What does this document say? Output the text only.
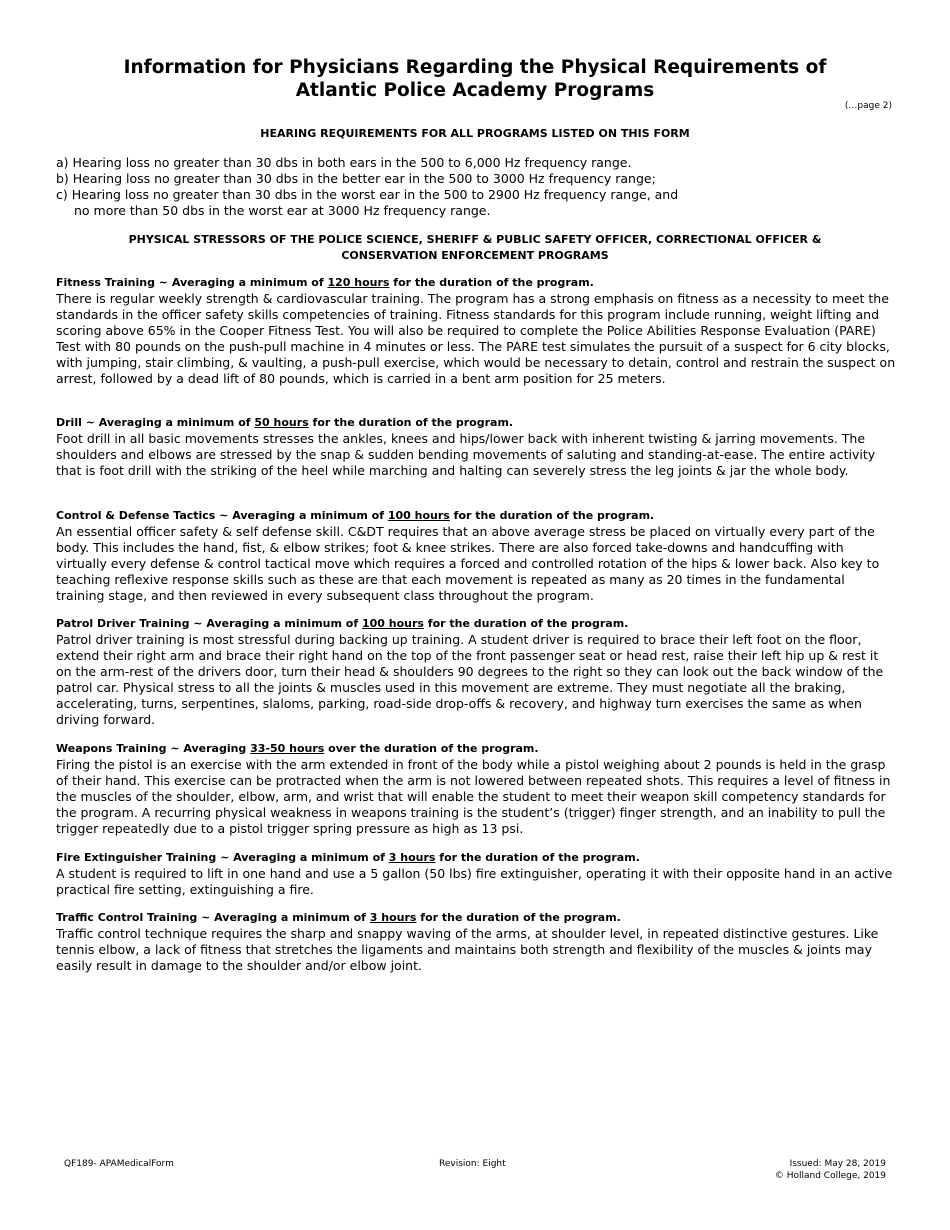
Information for Physicians Regarding the Physical Requirements of
Atlantic Police Academy Programs
(…page 2)
HEARING REQUIREMENTS FOR ALL PROGRAMS LISTED ON THIS FORM
a) Hearing loss no greater than 30 dbs in both ears in the 500 to 6,000 Hz frequency range.
b) Hearing loss no greater than 30 dbs in the better ear in the 500 to 3000 Hz frequency range;
c) Hearing loss no greater than 30 dbs in the worst ear in the 500 to 2900 Hz frequency range, and
no more than 50 dbs in the worst ear at 3000 Hz frequency range.
PHYSICAL STRESSORS OF THE POLICE SCIENCE, SHERIFF & PUBLIC SAFETY OFFICER, CORRECTIONAL OFFICER &
CONSERVATION ENFORCEMENT PROGRAMS
Fitness Training ~ Averaging a minimum of 120 hours for the duration of the program.
There is regular weekly strength & cardiovascular training. The program has a strong emphasis on fitness as a necessity to meet the standards in the officer safety skills competencies of training. Fitness standards for this program include running, weight lifting and scoring above 65% in the Cooper Fitness Test. You will also be required to complete the Police Abilities Response Evaluation (PARE) Test with 80 pounds on the push-pull machine in 4 minutes or less. The PARE test simulates the pursuit of a suspect for 6 city blocks, with jumping, stair climbing, & vaulting, a push-pull exercise, which would be necessary to detain, control and restrain the suspect on arrest, followed by a dead lift of 80 pounds, which is carried in a bent arm position for 25 meters.
Drill ~ Averaging a minimum of 50 hours for the duration of the program.
Foot drill in all basic movements stresses the ankles, knees and hips/lower back with inherent twisting & jarring movements. The shoulders and elbows are stressed by the snap & sudden bending movements of saluting and standing-at-ease. The entire activity that is foot drill with the striking of the heel while marching and halting can severely stress the leg joints & jar the whole body.
Control & Defense Tactics ~ Averaging a minimum of 100 hours for the duration of the program.
An essential officer safety & self defense skill. C&DT requires that an above average stress be placed on virtually every part of the body. This includes the hand, fist, & elbow strikes; foot & knee strikes. There are also forced take-downs and handcuffing with virtually every defense & control tactical move which requires a forced and controlled rotation of the hips & lower back. Also key to teaching reflexive response skills such as these are that each movement is repeated as many as 20 times in the fundamental training stage, and then reviewed in every subsequent class throughout the program.
Patrol Driver Training ~ Averaging a minimum of 100 hours for the duration of the program.
Patrol driver training is most stressful during backing up training. A student driver is required to brace their left foot on the floor, extend their right arm and brace their right hand on the top of the front passenger seat or head rest, raise their left hip up & rest it on the arm-rest of the drivers door, turn their head & shoulders 90 degrees to the right so they can look out the back window of the patrol car. Physical stress to all the joints & muscles used in this movement are extreme. They must negotiate all the braking, accelerating, turns, serpentines, slaloms, parking, road-side drop-offs & recovery, and highway turn exercises the same as when driving forward.
Weapons Training ~ Averaging 33-50 hours over the duration of the program.
Firing the pistol is an exercise with the arm extended in front of the body while a pistol weighing about 2 pounds is held in the grasp of their hand. This exercise can be protracted when the arm is not lowered between repeated shots. This requires a level of fitness in the muscles of the shoulder, elbow, arm, and wrist that will enable the student to meet their weapon skill competency standards for the program. A recurring physical weakness in weapons training is the student’s (trigger) finger strength, and an inability to pull the trigger repeatedly due to a pistol trigger spring pressure as high as 13 psi.
Fire Extinguisher Training ~ Averaging a minimum of 3 hours for the duration of the program.
A student is required to lift in one hand and use a 5 gallon (50 lbs) fire extinguisher, operating it with their opposite hand in an active practical fire setting, extinguishing a fire.
Traffic Control Training ~ Averaging a minimum of 3 hours for the duration of the program.
Traffic control technique requires the sharp and snappy waving of the arms, at shoulder level, in repeated distinctive gestures. Like tennis elbow, a lack of fitness that stretches the ligaments and maintains both strength and flexibility of the muscles & joints may easily result in damage to the shoulder and/or elbow joint.
QF189- APAMedicalForm	Revision: Eight	Issued: May 28, 2019
© Holland College, 2019
